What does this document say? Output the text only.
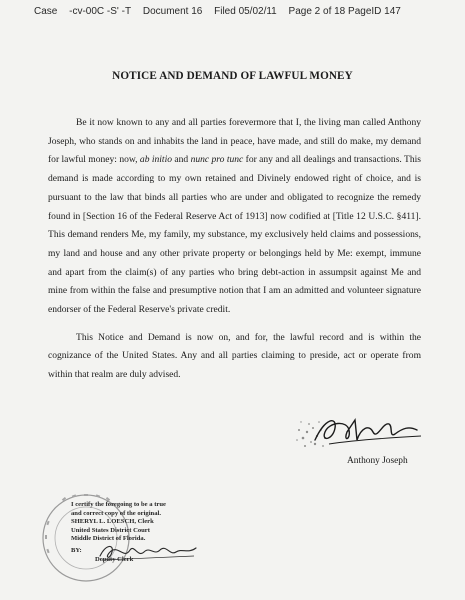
Case -cv-00C -S' -T Document 16 Filed 05/02/11 Page 2 of 18 PageID 147
NOTICE AND DEMAND OF LAWFUL MONEY

Be it now known to any and all parties forevermore that I, the living man called Anthony Joseph, who stands on and inhabits the land in peace, have made, and still do make, my demand for lawful money: now, ab initio and nunc pro tunc for any and all dealings and transactions. This demand is made according to my own retained and Divinely endowed right of choice, and is pursuant to the law that binds all parties who are under and obligated to recognize the remedy found in [Section 16 of the Federal Reserve Act of 1913] now codified at [Title 12 U.S.C. §411]. This demand renders Me, my family, my substance, my exclusively held claims and possessions, my land and house and any other private property or belongings held by Me: exempt, immune and apart from the claim(s) of any parties who bring debt-action in assumpsit against Me and mine from within the false and presumptive notion that I am an admitted and volunteer signature endorser of the Federal Reserve's private credit.

This Notice and Demand is now on, and for, the lawful record and is within the cognizance of the United States. Any and all parties claiming to preside, act or operate from within that realm are duly advised.

Anthony Joseph
I certify the foregoing to be a true
and correct copy of the original.
SHERYL L. LOESCH, Clerk
United States District Court
Middle District of Florida.
BY:
Deputy Clerk
